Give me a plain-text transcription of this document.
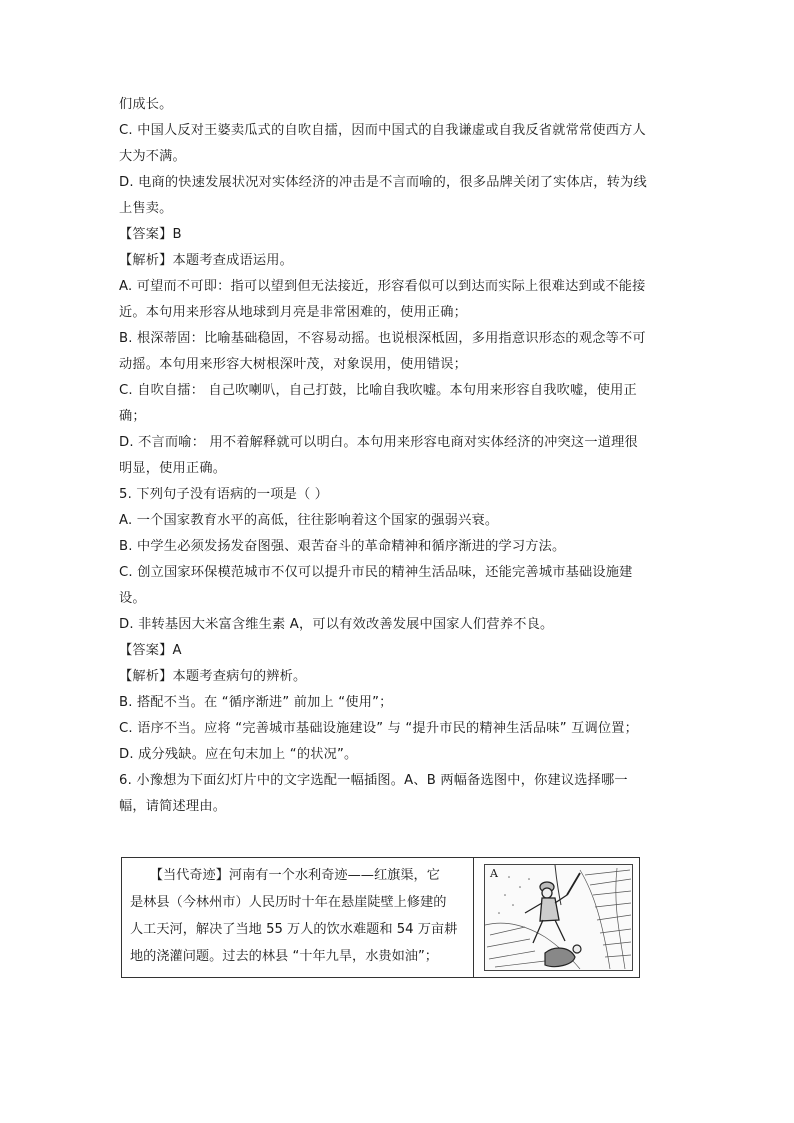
们成长。
C. 中国人反对王婆卖瓜式的自吹自擂，因而中国式的自我谦虚或自我反省就常常使西方人
大为不满。
D. 电商的快速发展状况对实体经济的冲击是不言而喻的，很多品牌关闭了实体店，转为线
上售卖。
【答案】B
【解析】本题考查成语运用。
A. 可望而不可即：指可以望到但无法接近，形容看似可以到达而实际上很难达到或不能接
近。本句用来形容从地球到月亮是非常困难的，使用正确；
B. 根深蒂固：比喻基础稳固，不容易动摇。也说根深柢固，多用指意识形态的观念等不可
动摇。本句用来形容大树根深叶茂，对象误用，使用错误；
C. 自吹自擂： 自己吹喇叭，自己打鼓，比喻自我吹嘘。本句用来形容自我吹嘘，使用正
确；
D. 不言而喻： 用不着解释就可以明白。本句用来形容电商对实体经济的冲突这一道理很
明显，使用正确。
5. 下列句子没有语病的一项是（ ）
A. 一个国家教育水平的高低，往往影响着这个国家的强弱兴衰。
B. 中学生必须发扬发奋图强、艰苦奋斗的革命精神和循序渐进的学习方法。
C. 创立国家环保模范城市不仅可以提升市民的精神生活品味，还能完善城市基础设施建
设。
D. 非转基因大米富含维生素 A，可以有效改善发展中国家人们营养不良。
【答案】A
【解析】本题考查病句的辨析。
B. 搭配不当。在 “循序渐进” 前加上 “使用”；
C. 语序不当。应将 “完善城市基础设施建设” 与 “提升市民的精神生活品味” 互调位置；
D. 成分残缺。应在句末加上 “的状况”。
6. 小豫想为下面幻灯片中的文字选配一幅插图。A、B 两幅备选图中，你建议选择哪一
幅，请简述理由。
　　【当代奇迹】河南有一个水利奇迹——红旗渠，它
是林县（今林州市）人民历时十年在悬崖陡壁上修建的
人工天河，解决了当地 55 万人的饮水难题和 54 万亩耕
地的浇灌问题。过去的林县 “十年九旱，水贵如油”；
A
